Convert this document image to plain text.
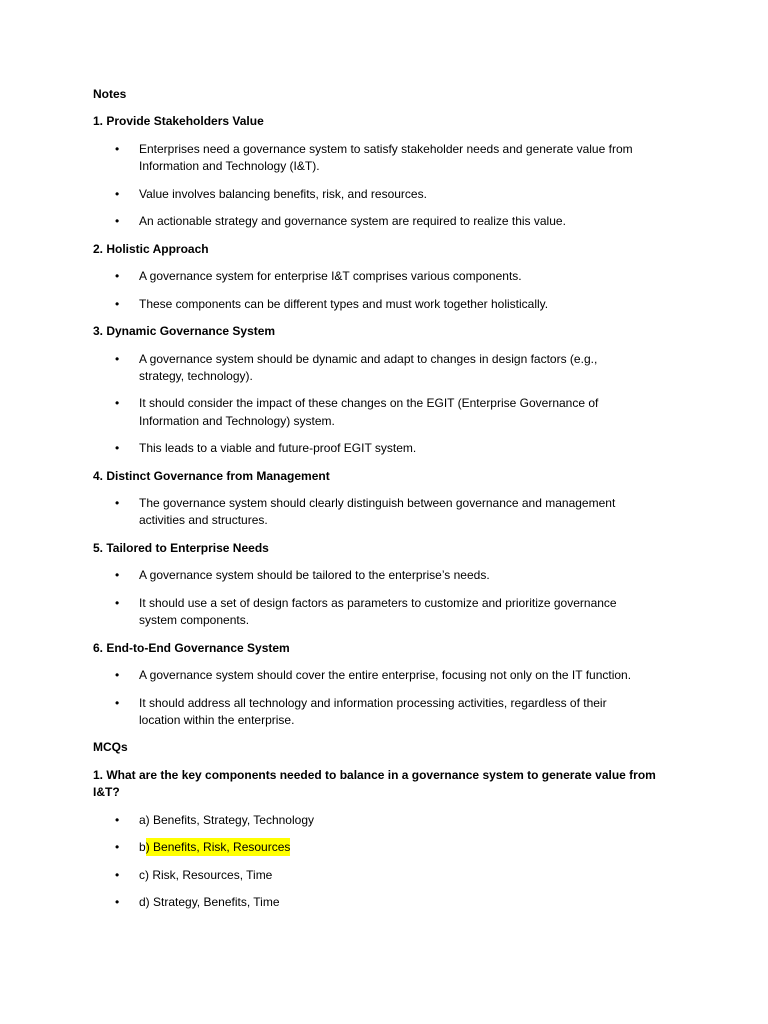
Notes
1. Provide Stakeholders Value
• Enterprises need a governance system to satisfy stakeholder needs and generate value from
Information and Technology (I&T).
• Value involves balancing benefits, risk, and resources.
• An actionable strategy and governance system are required to realize this value.
2. Holistic Approach
• A governance system for enterprise I&T comprises various components.
• These components can be different types and must work together holistically.
3. Dynamic Governance System
• A governance system should be dynamic and adapt to changes in design factors (e.g.,
strategy, technology).
• It should consider the impact of these changes on the EGIT (Enterprise Governance of
Information and Technology) system.
• This leads to a viable and future-proof EGIT system.
4. Distinct Governance from Management
• The governance system should clearly distinguish between governance and management
activities and structures.
5. Tailored to Enterprise Needs
• A governance system should be tailored to the enterprise’s needs.
• It should use a set of design factors as parameters to customize and prioritize governance
system components.
6. End-to-End Governance System
• A governance system should cover the entire enterprise, focusing not only on the IT function.
• It should address all technology and information processing activities, regardless of their
location within the enterprise.
MCQs
1. What are the key components needed to balance in a governance system to generate value from
I&T?
• a) Benefits, Strategy, Technology
• b) Benefits, Risk, Resources
• c) Risk, Resources, Time
• d) Strategy, Benefits, Time
